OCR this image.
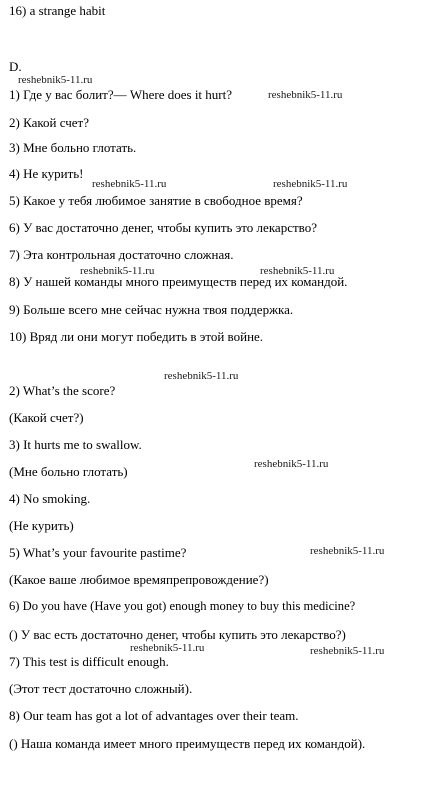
16) a strange habit
D.
1) Где у вас болит?— Where does it hurt?
2) Какой счет?
3) Мне больно глотать.
4) Не курить!
5) Какое у тебя любимое занятие в свободное время?
6) У вас достаточно денег, чтобы купить это лекарство?
7) Эта контрольная достаточно сложная.
8) У нашей команды много преимуществ перед их командой.
9) Больше всего мне сейчас нужна твоя поддержка.
10) Вряд ли они могут победить в этой войне.
2) What’s the score?
(Какой счет?)
3) It hurts me to swallow.
(Мне больно глотать)
4) No smoking.
(Не курить)
5) What’s your favourite pastime?
(Какое ваше любимое времяпрепровождение?)
6) Do you have (Have you got) enough money to buy this medicine?
() У вас есть достаточно денег, чтобы купить это лекарство?)
7) This test is difficult enough.
(Этот тест достаточно сложный).
8) Our team has got a lot of advantages over their team.
() Наша команда имеет много преимуществ перед их командой).
reshebnik5-11.ru
reshebnik5-11.ru
reshebnik5-11.ru	reshebnik5-11.ru
reshebnik5-11.ru	reshebnik5-11.ru
reshebnik5-11.ru
reshebnik5-11.ru
reshebnik5-11.ru
reshebnik5-11.ru	reshebnik5-11.ru
